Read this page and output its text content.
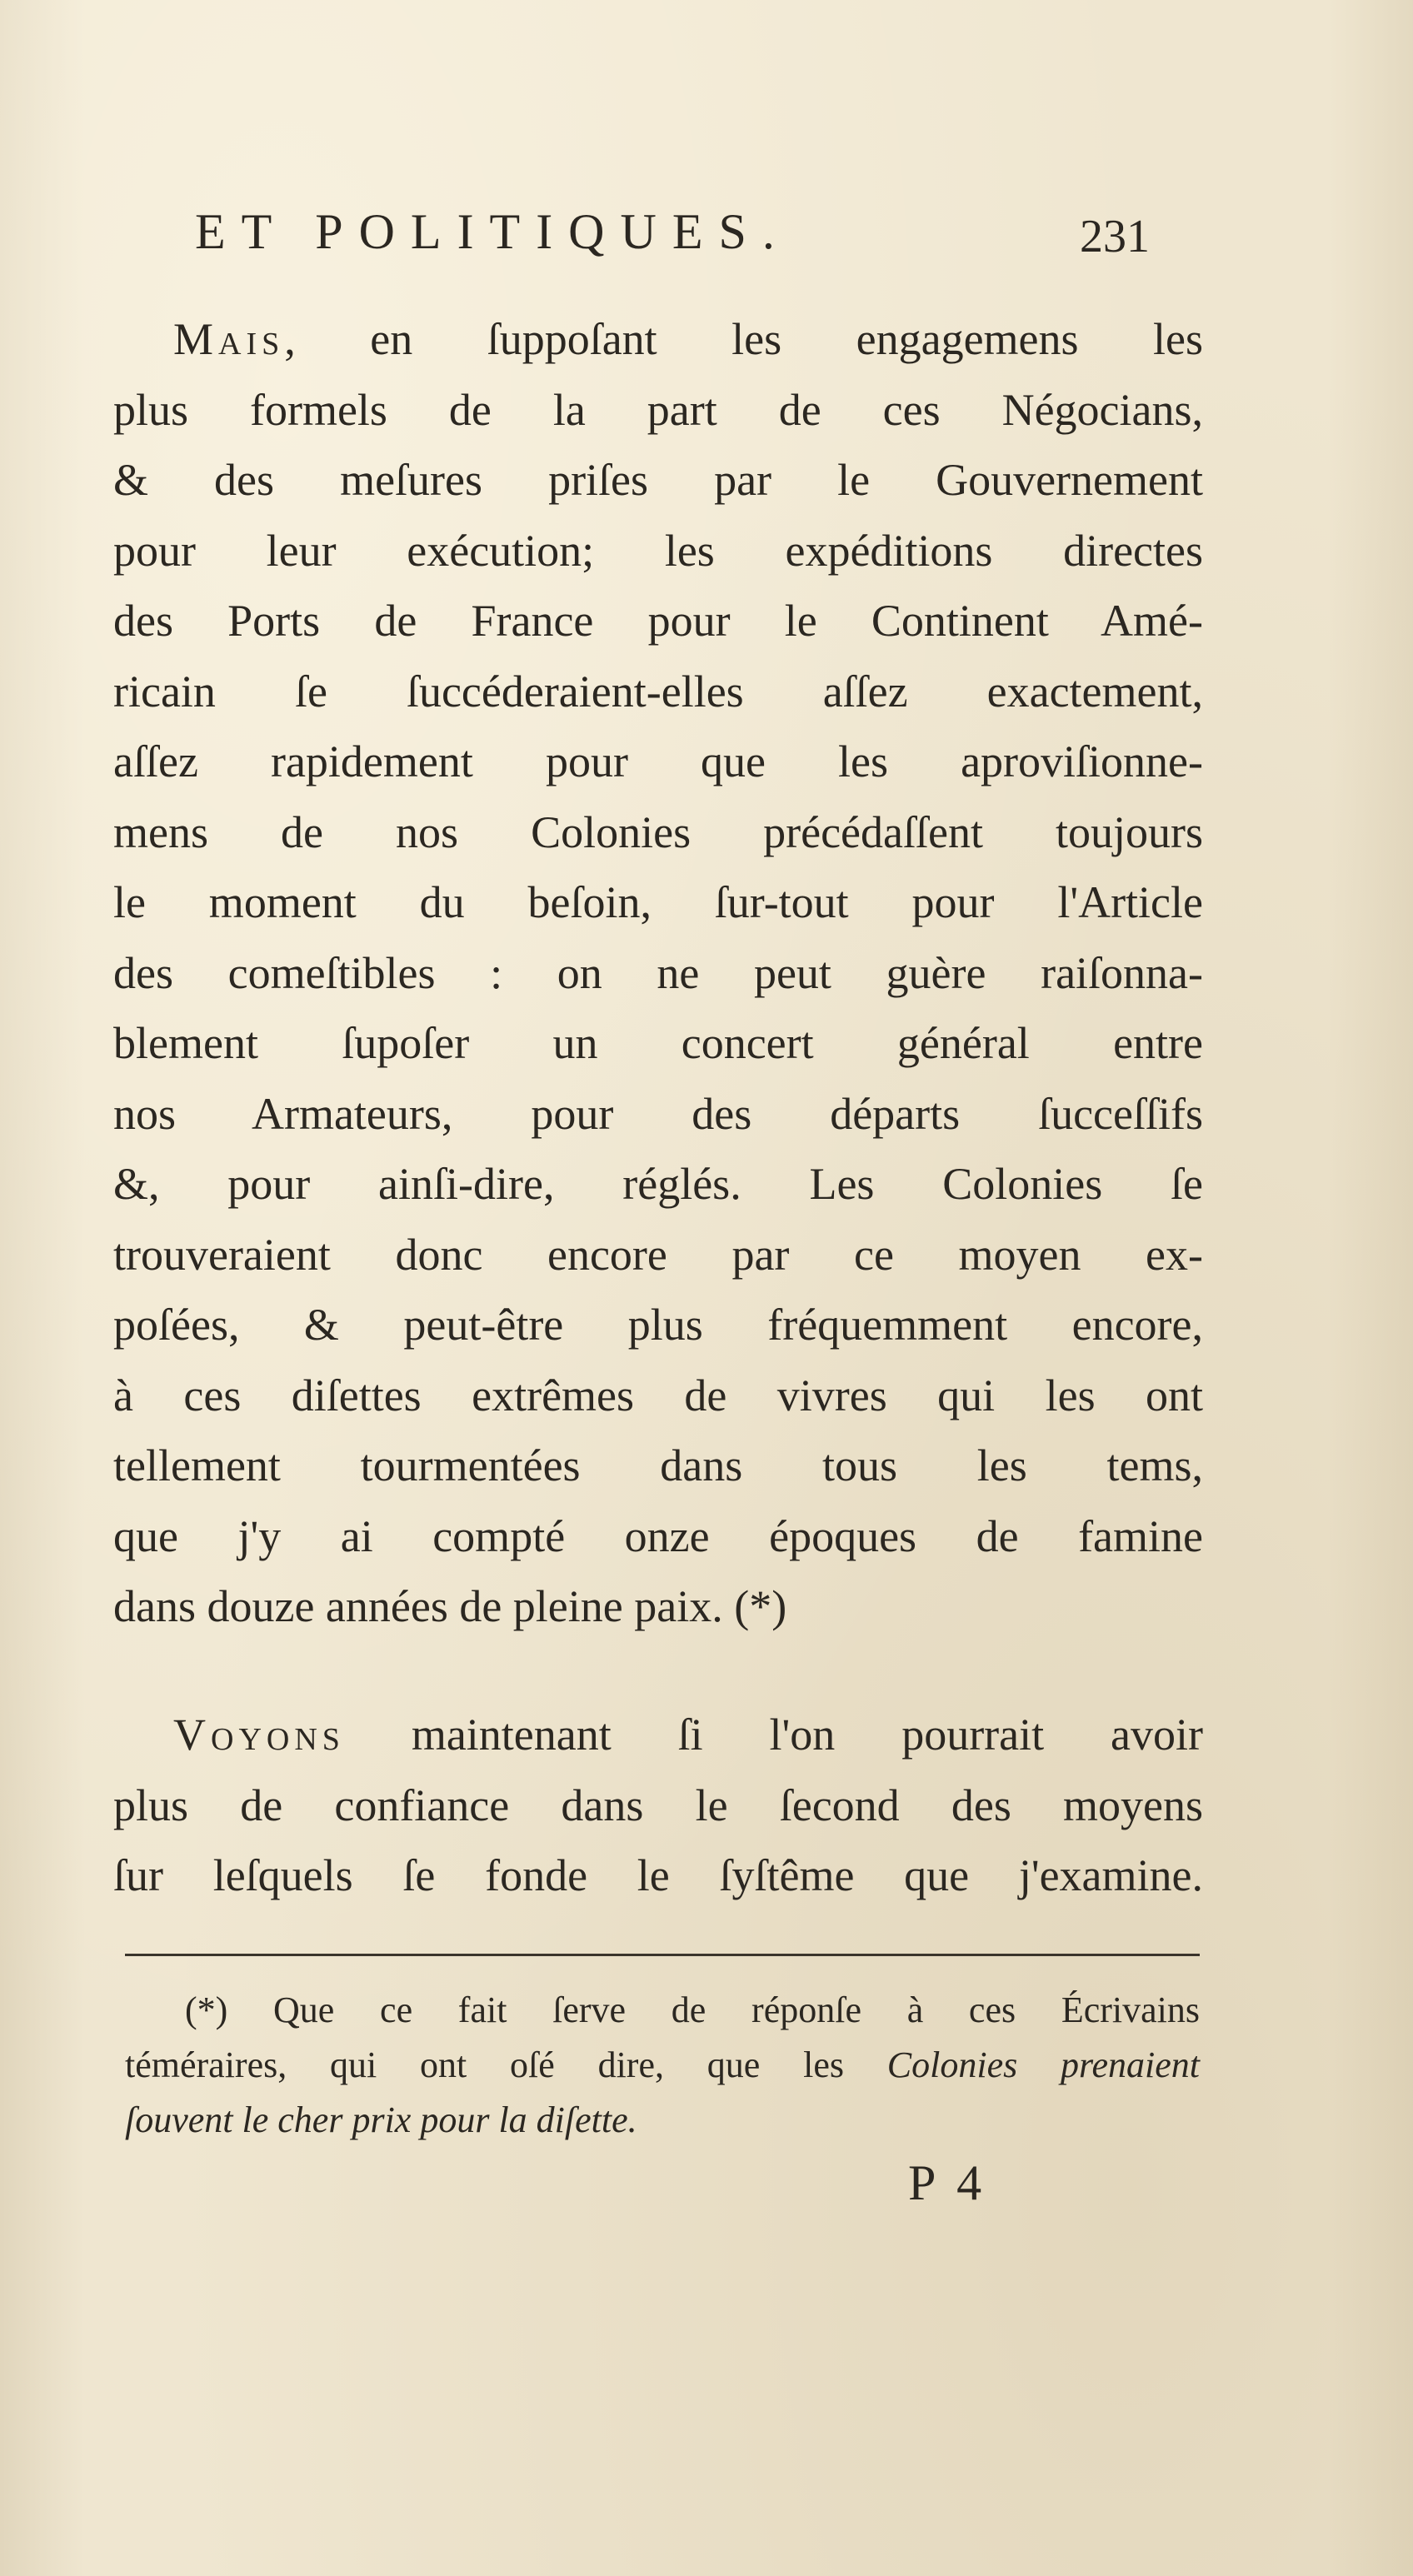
ET POLITIQUES.	231
Mais, en ſuppoſant les engagemens les
plus formels de la part de ces Négocians,
& des meſures priſes par le Gouvernement
pour leur exécution; les expéditions directes
des Ports de France pour le Continent Amé-
ricain ſe ſuccéderaient-elles aſſez exactement,
aſſez rapidement pour que les aproviſionne-
mens de nos Colonies précédaſſent toujours
le moment du beſoin, ſur-tout pour l'Article
des comeſtibles : on ne peut guère raiſonna-
blement ſupoſer un concert général entre
nos Armateurs, pour des départs ſucceſſifs
&, pour ainſi-dire, réglés. Les Colonies ſe
trouveraient donc encore par ce moyen ex-
poſées, & peut-être plus fréquemment encore,
à ces diſettes extrêmes de vivres qui les ont
tellement tourmentées dans tous les tems,
que j'y ai compté onze époques de famine
dans douze années de pleine paix. (*)
Voyons maintenant ſi l'on pourrait avoir
plus de confiance dans le ſecond des moyens
ſur leſquels ſe fonde le ſyſtême que j'examine.
(*) Que ce fait ſerve de réponſe à ces Écrivains
téméraires, qui ont oſé dire, que les Colonies prenaient
ſouvent le cher prix pour la diſette.
P 4
